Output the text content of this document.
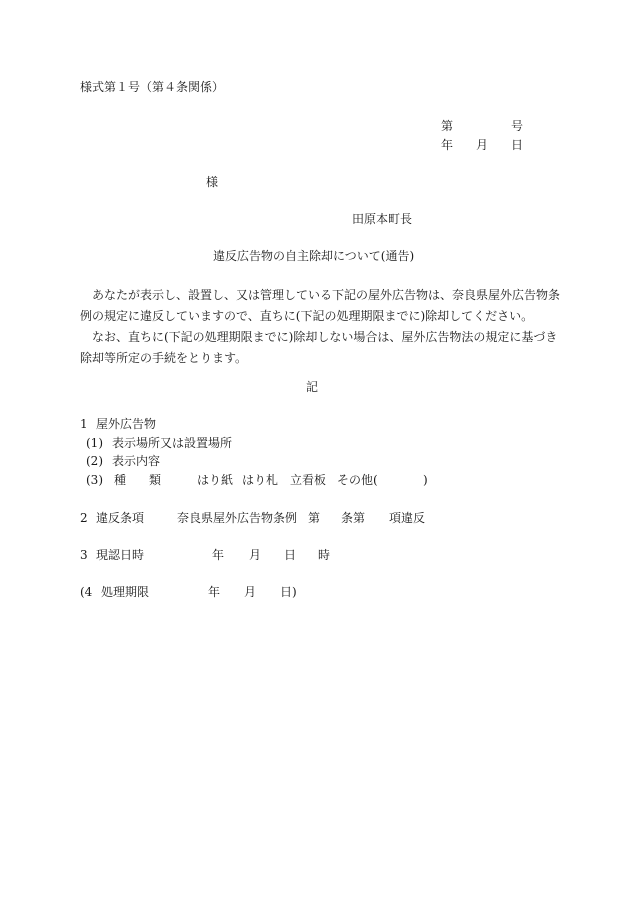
様式第１号（第４条関係）
第	号
年 月 日
様
田原本町長
違反広告物の自主除却について(通告)
あなたが表示し、設置し、又は管理している下記の屋外広告物は、奈良県屋外広告物条例の規定に違反していますので、直ちに(下記の処理期限までに)除却してください。
なお、直ちに(下記の処理期限までに)除却しない場合は、屋外広告物法の規定に基づき除却等所定の手続をとります。
記
1 屋外広告物
(1) 表示場所又は設置場所
(2) 表示内容
(3) 種 類	はり紙 はり札 立看板 その他(	)
2 違反条項	奈良県屋外広告物条例 第 条第 項違反
3 現認日時	年 月 日 時
(4 処理期限	年 月 日)
